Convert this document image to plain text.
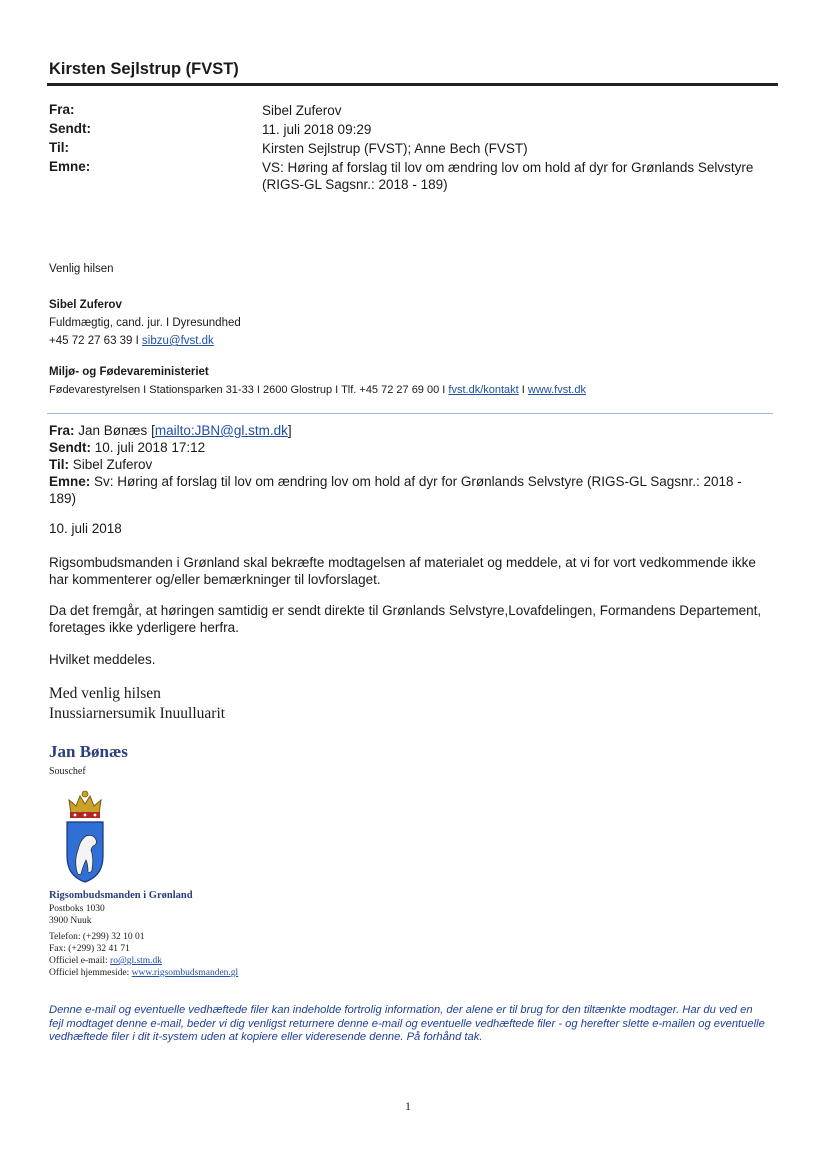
Kirsten Sejlstrup (FVST)
Fra:	Sibel Zuferov
Sendt:	11. juli 2018 09:29
Til:	Kirsten Sejlstrup (FVST); Anne Bech (FVST)
Emne:	VS: Høring af forslag til lov om ændring lov om hold af dyr for Grønlands Selvstyre (RIGS-GL Sagsnr.: 2018 - 189)
Venlig hilsen
Sibel Zuferov
Fuldmægtig, cand. jur. I Dyresundhed
+45 72 27 63 39 I sibzu@fvst.dk
Miljø- og Fødevareministeriet
Fødevarestyrelsen I Stationsparken 31-33 I 2600 Glostrup I Tlf. +45 72 27 69 00 I fvst.dk/kontakt I www.fvst.dk
Fra: Jan Bønæs [mailto:JBN@gl.stm.dk]
Sendt: 10. juli 2018 17:12
Til: Sibel Zuferov
Emne: Sv: Høring af forslag til lov om ændring lov om hold af dyr for Grønlands Selvstyre (RIGS-GL Sagsnr.: 2018 - 189)
10. juli 2018
Rigsombudsmanden i Grønland skal bekræfte modtagelsen af materialet og meddele, at vi for vort vedkommende ikke har kommenterer og/eller bemærkninger til lovforslaget.
Da det fremgår, at høringen samtidig er sendt direkte til Grønlands Selvstyre,Lovafdelingen, Formandens Departement, foretages ikke yderligere herfra.
Hvilket meddeles.
Med venlig hilsen
Inussiarnersumik Inuulluarit
Jan Bønæs
Souschef
Rigsombudsmanden i Grønland
Postboks 1030
3900 Nuuk
Telefon: (+299) 32 10 01
Fax: (+299) 32 41 71
Officiel e-mail: ro@gl.stm.dk
Officiel hjemmeside: www.rigsombudsmanden.gl
Denne e-mail og eventuelle vedhæftede filer kan indeholde fortrolig information, der alene er til brug for den tiltænkte modtager. Har du ved en fejl modtaget denne e-mail, beder vi dig venligst returnere denne e-mail og eventuelle vedhæftede filer - og herefter slette e-mailen og eventuelle vedhæftede filer i dit it-system uden at kopiere eller videresende denne. På forhånd tak.
1
